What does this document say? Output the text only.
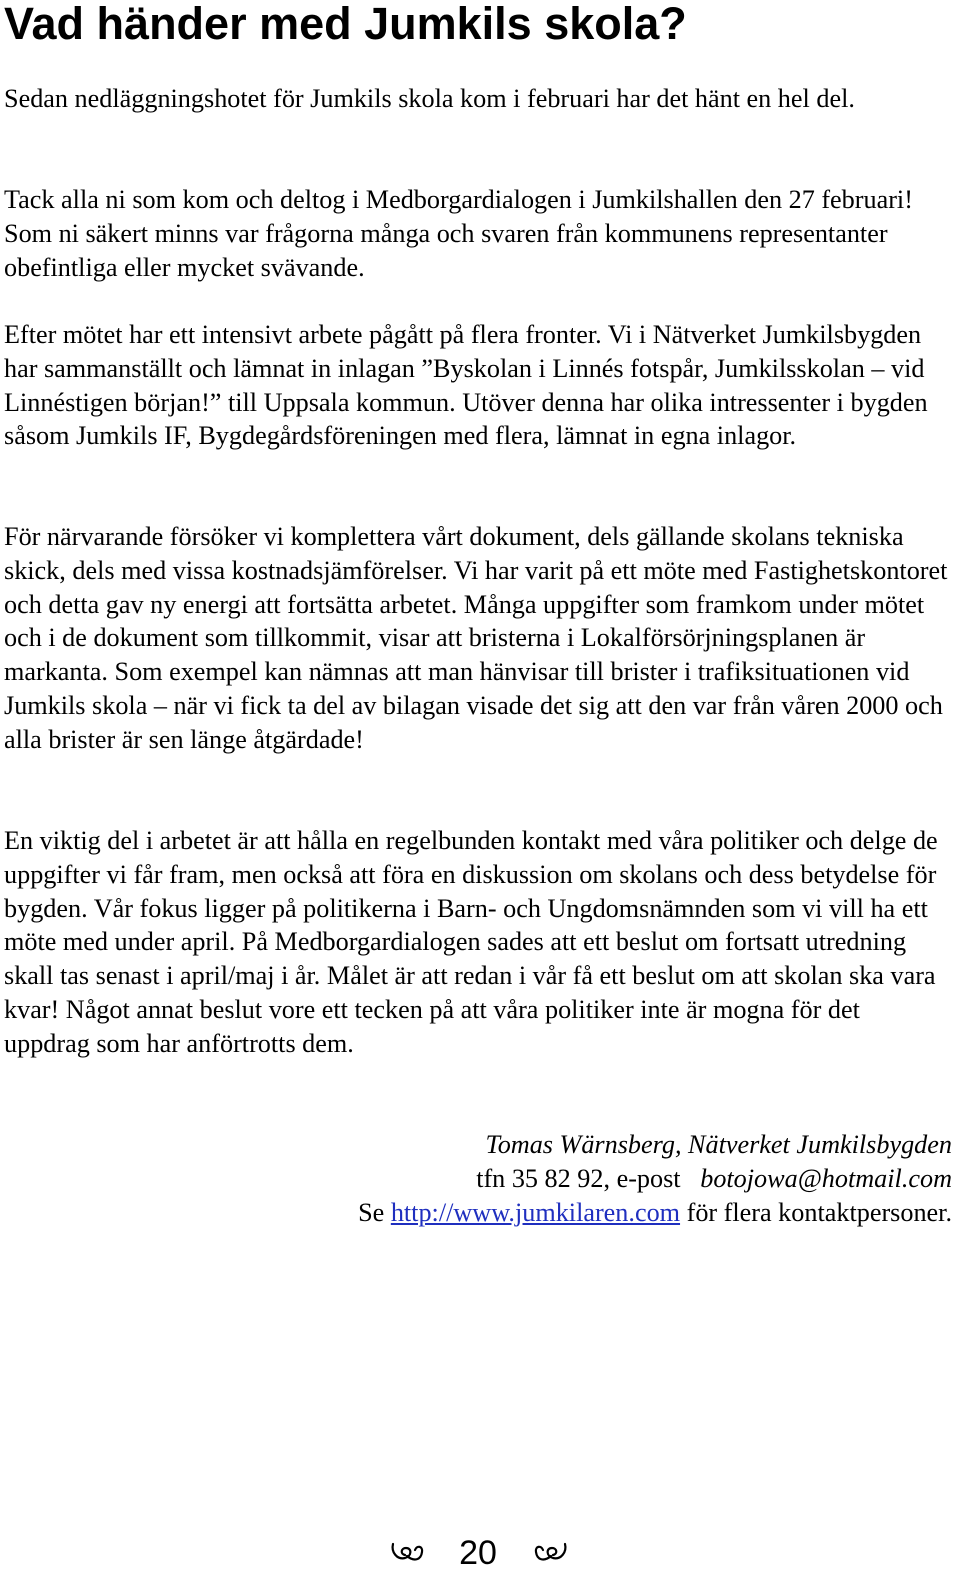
Vad händer med Jumkils skola?

Sedan nedläggningshotet för Jumkils skola kom i februari har det hänt en hel del.

Tack alla ni som kom och deltog i Medborgardialogen i Jumkilshallen den 27 februari! Som ni säkert minns var frågorna många och svaren från kommunens representanter obefintliga eller mycket svävande.

Efter mötet har ett intensivt arbete pågått på flera fronter. Vi i Nätverket Jumkilsbygden har sammanställt och lämnat in inlagan ”Byskolan i Linnés fotspår, Jumkilsskolan – vid Linnéstigen början!” till Uppsala kommun. Utöver denna har olika intressenter i bygden såsom Jumkils IF, Bygdegårdsföreningen med flera, lämnat in egna inlagor.

För närvarande försöker vi komplettera vårt dokument, dels gällande skolans tekniska skick, dels med vissa kostnadsjämförelser. Vi har varit på ett möte med Fastighetskontoret och detta gav ny energi att fortsätta arbetet. Många uppgifter som framkom under mötet och i de dokument som tillkommit, visar att bristerna i Lokalförsörjningsplanen är markanta. Som exempel kan nämnas att man hänvisar till brister i trafiksituationen vid Jumkils skola – när vi fick ta del av bilagan visade det sig att den var från våren 2000 och alla brister är sen länge åtgärdade!

En viktig del i arbetet är att hålla en regelbunden kontakt med våra politiker och delge de uppgifter vi får fram, men också att föra en diskussion om skolans och dess betydelse för bygden. Vår fokus ligger på politikerna i Barn- och Ungdomsnämnden som vi vill ha ett möte med under april. På Medborgardialogen sades att ett beslut om fortsatt utredning skall tas senast i april/maj i år. Målet är att redan i vår få ett beslut om att skolan ska vara kvar! Något annat beslut vore ett tecken på att våra politiker inte är mogna för det uppdrag som har anförtrotts dem.

Tomas Wärnsberg, Nätverket Jumkilsbygden

tfn 35 82 92, e-post botojowa@hotmail.com

Se http://www.jumkilaren.com för flera kontaktpersoner.

20
